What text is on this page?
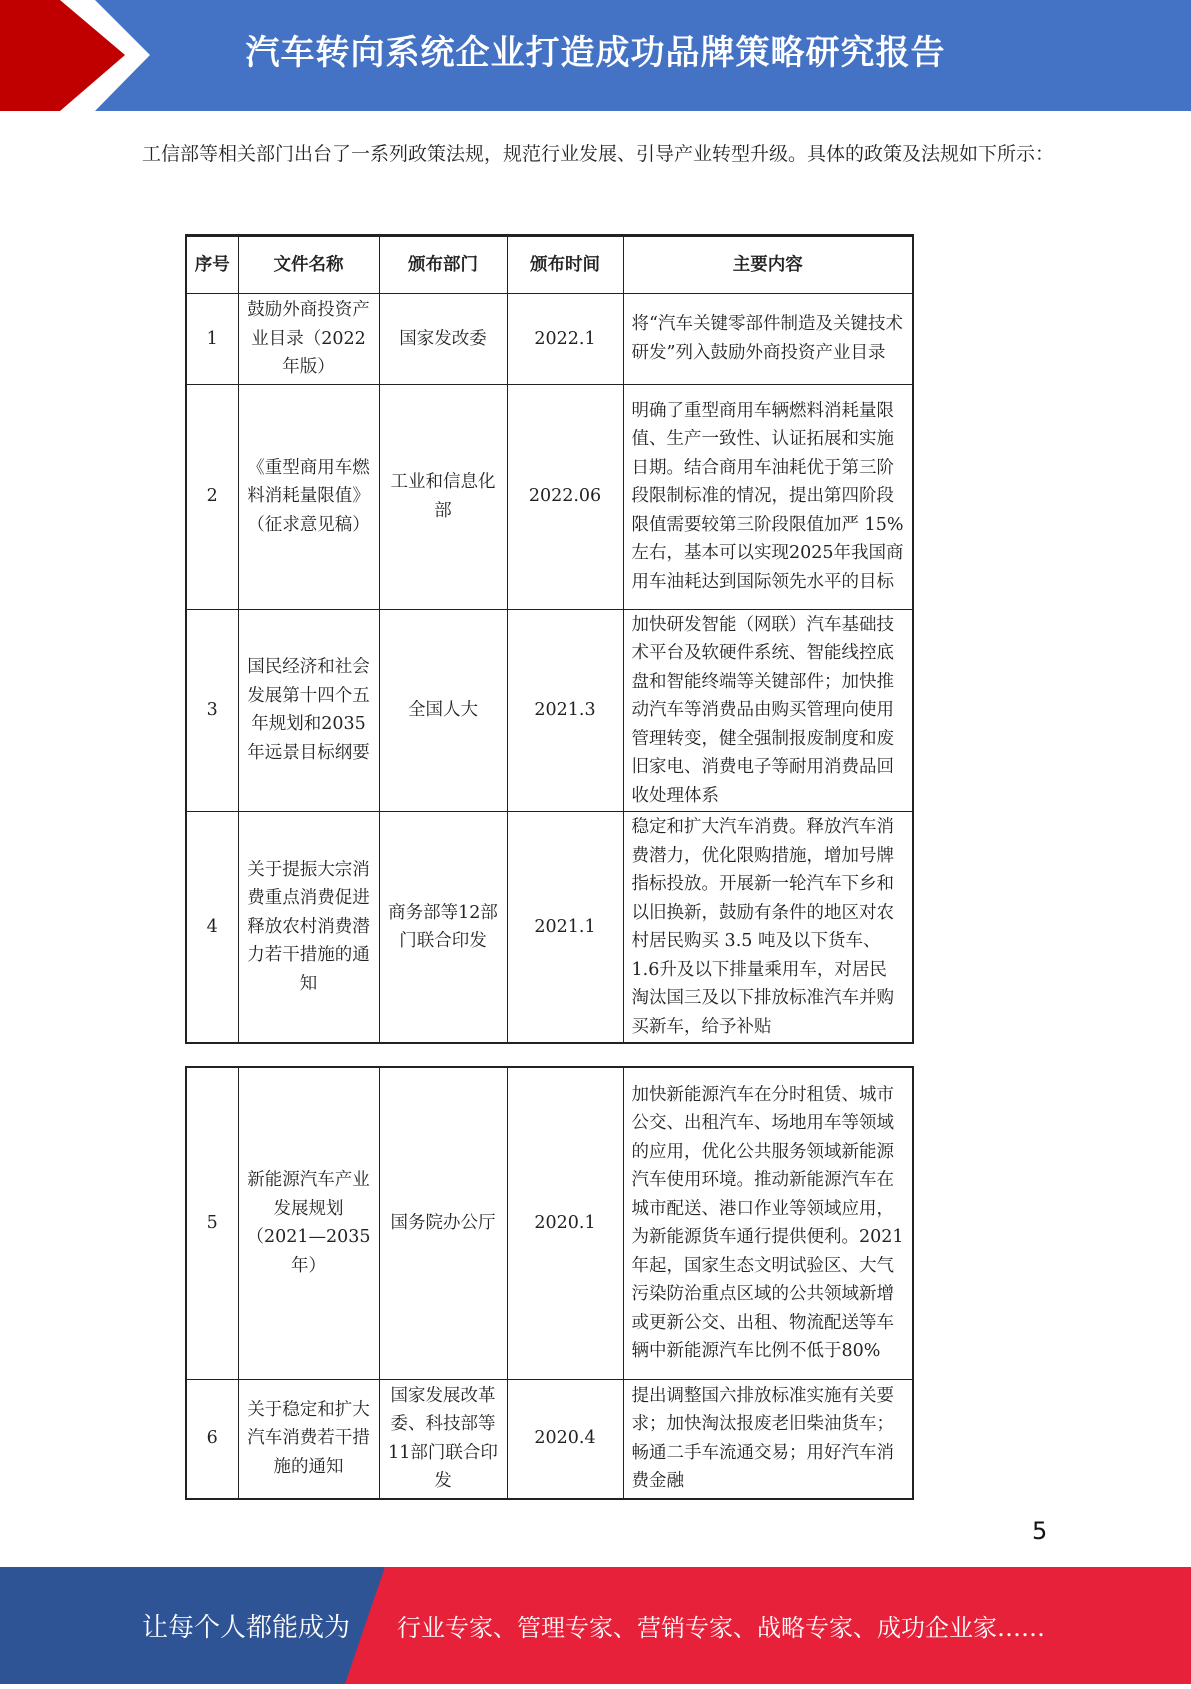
汽车转向系统企业打造成功品牌策略研究报告
工信部等相关部门出台了一系列政策法规，规范行业发展、引导产业转型升级。具体的政策及法规如下所示：
序号	文件名称	颁布部门	颁布时间	主要内容
1	鼓励外商投资产业目录（2022年版）	国家发改委	2022.1	将“汽车关键零部件制造及关键技术研发”列入鼓励外商投资产业目录
2	《重型商用车燃料消耗量限值》（征求意见稿）	工业和信息化部	2022.06	明确了重型商用车辆燃料消耗量限值、生产一致性、认证拓展和实施日期。结合商用车油耗优于第三阶段限制标准的情况，提出第四阶段限值需要较第三阶段限值加严 15%左右，基本可以实现2025年我国商用车油耗达到国际领先水平的目标
3	国民经济和社会发展第十四个五年规划和2035年远景目标纲要	全国人大	2021.3	加快研发智能（网联）汽车基础技术平台及软硬件系统、智能线控底盘和智能终端等关键部件；加快推动汽车等消费品由购买管理向使用管理转变，健全强制报废制度和废旧家电、消费电子等耐用消费品回收处理体系
4	关于提振大宗消费重点消费促进释放农村消费潜力若干措施的通知	商务部等12部门联合印发	2021.1	稳定和扩大汽车消费。释放汽车消费潜力，优化限购措施，增加号牌指标投放。开展新一轮汽车下乡和以旧换新，鼓励有条件的地区对农村居民购买 3.5 吨及以下货车、1.6升及以下排量乘用车，对居民淘汰国三及以下排放标准汽车并购买新车，给予补贴
5	新能源汽车产业发展规划（2021—2035年）	国务院办公厅	2020.1	加快新能源汽车在分时租赁、城市公交、出租汽车、场地用车等领域的应用，优化公共服务领域新能源汽车使用环境。推动新能源汽车在城市配送、港口作业等领域应用，为新能源货车通行提供便利。2021年起，国家生态文明试验区、大气污染防治重点区域的公共领域新增或更新公交、出租、物流配送等车辆中新能源汽车比例不低于80%
6	关于稳定和扩大汽车消费若干措施的通知	国家发展改革委、科技部等11部门联合印发	2020.4	提出调整国六排放标准实施有关要求；加快淘汰报废老旧柴油货车；畅通二手车流通交易；用好汽车消费金融
5
让每个人都能成为 行业专家、管理专家、营销专家、战略专家、成功企业家……
